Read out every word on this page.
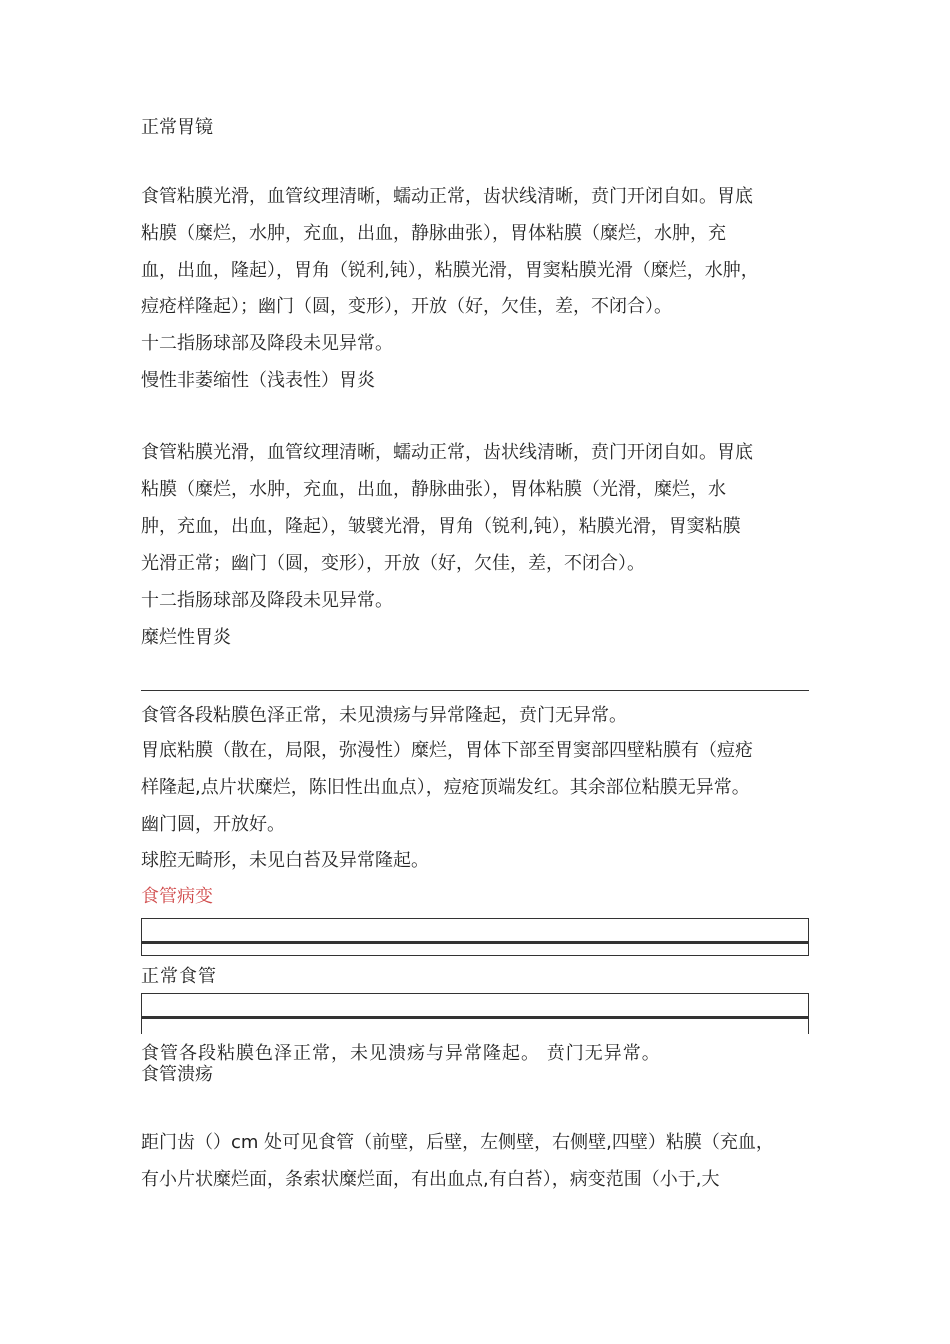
正常胃镜
食管粘膜光滑，血管纹理清晰，蠕动正常，齿状线清晰，贲门开闭自如。胃底
粘膜（糜烂，水肿，充血，出血，静脉曲张），胃体粘膜（糜烂，水肿，充
血，出血，隆起），胃角（锐利,钝），粘膜光滑，胃窦粘膜光滑（糜烂，水肿，
痘疮样隆起）；幽门（圆，变形），开放（好，欠佳，差，不闭合）。
十二指肠球部及降段未见异常。
慢性非萎缩性（浅表性）胃炎
食管粘膜光滑，血管纹理清晰，蠕动正常，齿状线清晰，贲门开闭自如。胃底
粘膜（糜烂，水肿，充血，出血，静脉曲张），胃体粘膜（光滑，糜烂，水
肿，充血，出血，隆起），皱襞光滑，胃角（锐利,钝），粘膜光滑，胃窦粘膜
光滑正常；幽门（圆，变形），开放（好，欠佳，差，不闭合）。
十二指肠球部及降段未见异常。
糜烂性胃炎
食管各段粘膜色泽正常，未见溃疡与异常隆起，贲门无异常。
胃底粘膜（散在，局限，弥漫性）糜烂，胃体下部至胃窦部四壁粘膜有（痘疮
样隆起,点片状糜烂，陈旧性出血点），痘疮顶端发红。其余部位粘膜无异常。
幽门圆，开放好。
球腔无畸形，未见白苔及异常隆起。
食管病变
正常食管
食管各段粘膜色泽正常，未见溃疡与异常隆起。 贲门无异常。
食管溃疡
距门齿（）cm 处可见食管（前壁，后壁，左侧壁，右侧壁,四壁）粘膜（充血，
有小片状糜烂面，条索状糜烂面，有出血点,有白苔），病变范围（小于,大
